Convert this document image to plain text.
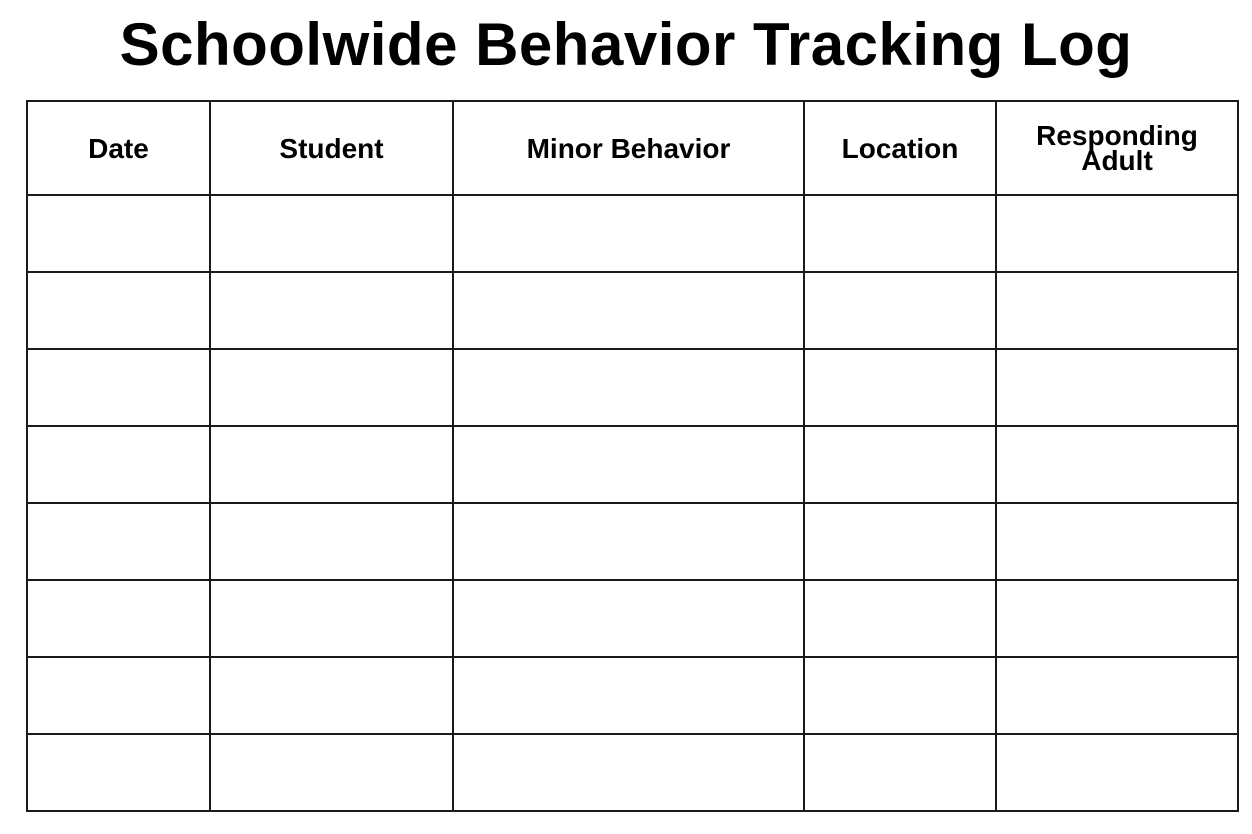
Schoolwide Behavior Tracking Log
Date	Student	Minor Behavior	Location	Responding
Adult
